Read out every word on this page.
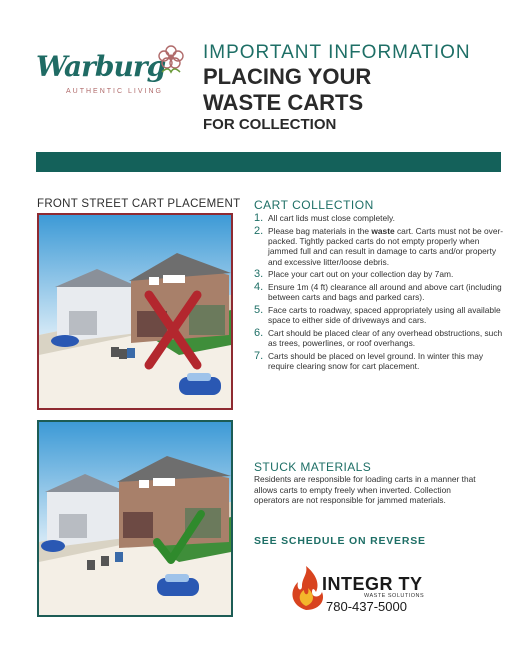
Warburg
AUTHENTIC LIVING
IMPORTANT INFORMATION
PLACING YOUR
WASTE CARTS
FOR COLLECTION
FRONT STREET CART PLACEMENT CART COLLECTION
1. All cart lids must close completely.
2. Please bag materials in the waste cart. Carts must not be over-packed. Tightly packed carts do not empty properly when jammed full and can result in damage to carts and/or property and excessive litter/loose debris.
3. Place your cart out on your collection day by 7am.
4. Ensure 1m (4 ft) clearance all around and above cart (including between carts and bags and parked cars).
5. Face carts to roadway, spaced appropriately using all available space to either side of driveways and cars.
6. Cart should be placed clear of any overhead obstructions, such as trees, powerlines, or roof overhangs.
7. Carts should be placed on level ground. In winter this may require clearing snow for cart placement.
STUCK MATERIALS
Residents are responsible for loading carts in a manner that allows carts to empty freely when inverted. Collection operators are not responsible for jammed materials.
SEE SCHEDULE ON REVERSE
INTEGR TY
WASTE SOLUTIONS
780-437-5000
